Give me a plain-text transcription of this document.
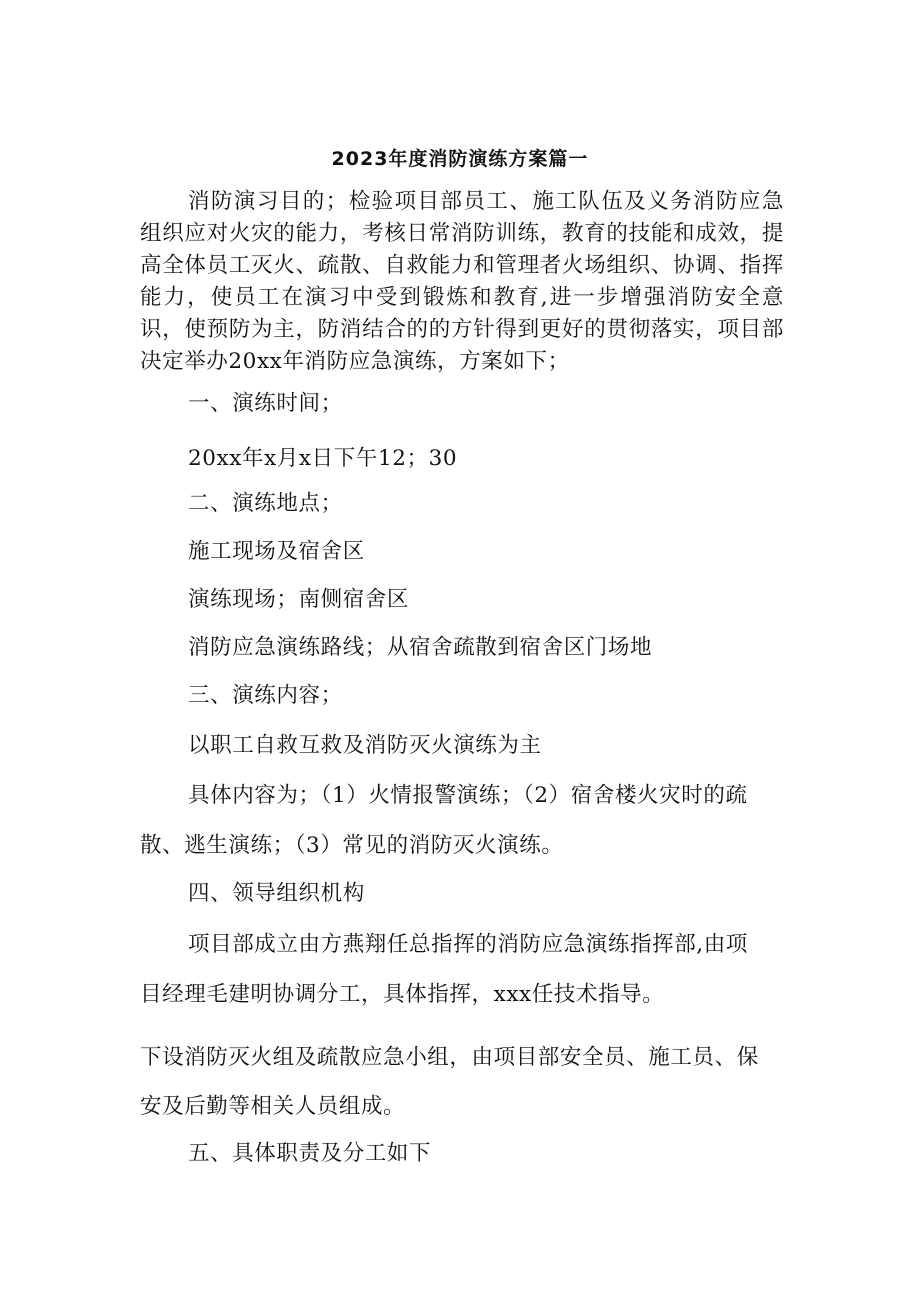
2023年度消防演练方案篇一
消防演习目的；检验项目部员工、施工队伍及义务消防应急组织应对火灾的能力，考核日常消防训练，教育的技能和成效，提高全体员工灭火、疏散、自救能力和管理者火场组织、协调、指挥能力，使员工在演习中受到锻炼和教育,进一步增强消防安全意识，使预防为主，防消结合的的方针得到更好的贯彻落实，项目部决定举办20xx年消防应急演练，方案如下；
一、演练时间；
20xx年x月x日下午12；30
二、演练地点；
施工现场及宿舍区
演练现场；南侧宿舍区
消防应急演练路线；从宿舍疏散到宿舍区门场地
三、演练内容；
以职工自救互救及消防灭火演练为主
具体内容为；（1）火情报警演练；（2）宿舍楼火灾时的疏
散、逃生演练；（3）常见的消防灭火演练。
四、领导组织机构
项目部成立由方燕翔任总指挥的消防应急演练指挥部,由项
目经理毛建明协调分工，具体指挥，xxx任技术指导。
下设消防灭火组及疏散应急小组，由项目部安全员、施工员、保
安及后勤等相关人员组成。
五、具体职责及分工如下
